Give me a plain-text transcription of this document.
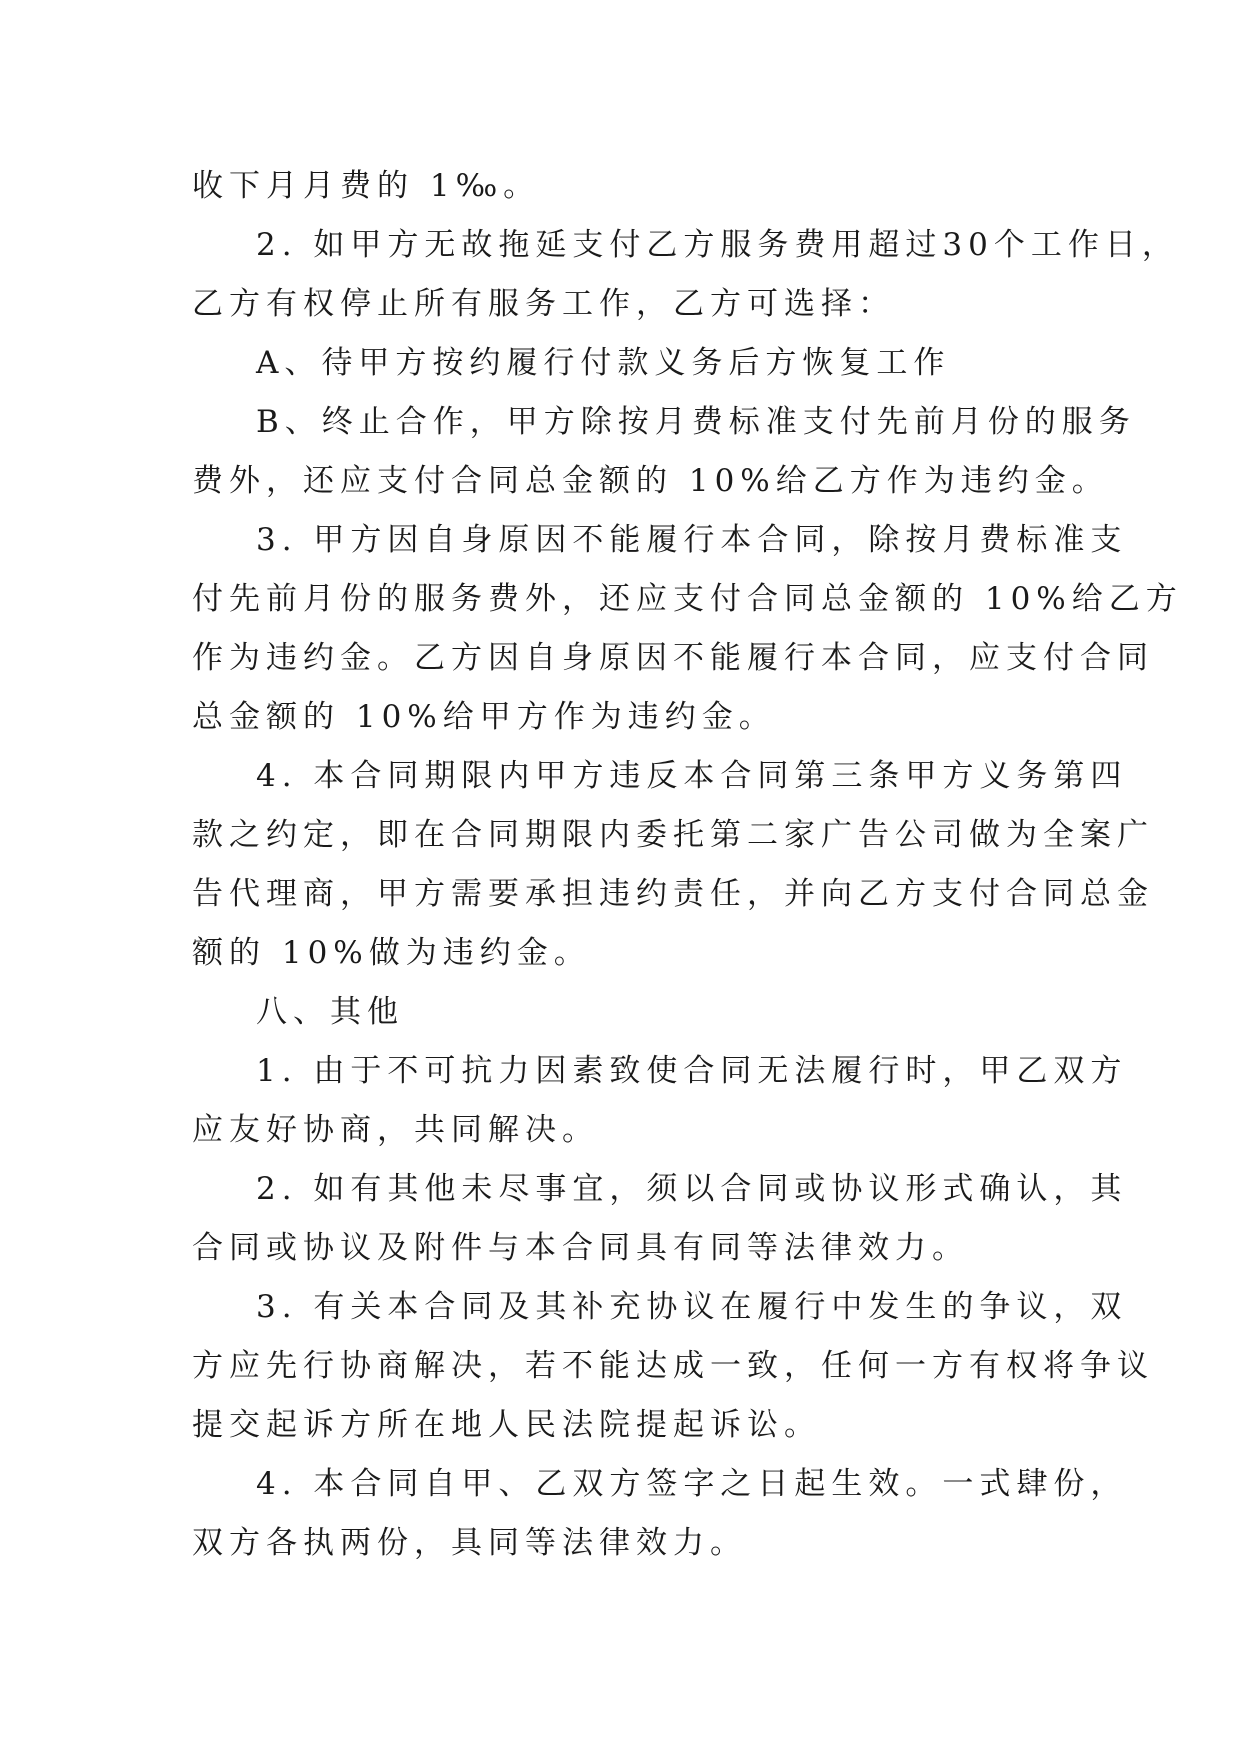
收下月月费的 1‰。
2. 如甲方无故拖延支付乙方服务费用超过30个工作日，
乙方有权停止所有服务工作，乙方可选择：
A、待甲方按约履行付款义务后方恢复工作
B、终止合作，甲方除按月费标准支付先前月份的服务
费外，还应支付合同总金额的 10%给乙方作为违约金。
3. 甲方因自身原因不能履行本合同，除按月费标准支
付先前月份的服务费外，还应支付合同总金额的 10%给乙方
作为违约金。乙方因自身原因不能履行本合同，应支付合同
总金额的 10%给甲方作为违约金。
4. 本合同期限内甲方违反本合同第三条甲方义务第四
款之约定，即在合同期限内委托第二家广告公司做为全案广
告代理商，甲方需要承担违约责任，并向乙方支付合同总金
额的 10%做为违约金。
八、其他
1. 由于不可抗力因素致使合同无法履行时，甲乙双方
应友好协商，共同解决。
2. 如有其他未尽事宜，须以合同或协议形式确认，其
合同或协议及附件与本合同具有同等法律效力。
3. 有关本合同及其补充协议在履行中发生的争议，双
方应先行协商解决，若不能达成一致，任何一方有权将争议
提交起诉方所在地人民法院提起诉讼。
4. 本合同自甲、乙双方签字之日起生效。一式肆份，
双方各执两份，具同等法律效力。
